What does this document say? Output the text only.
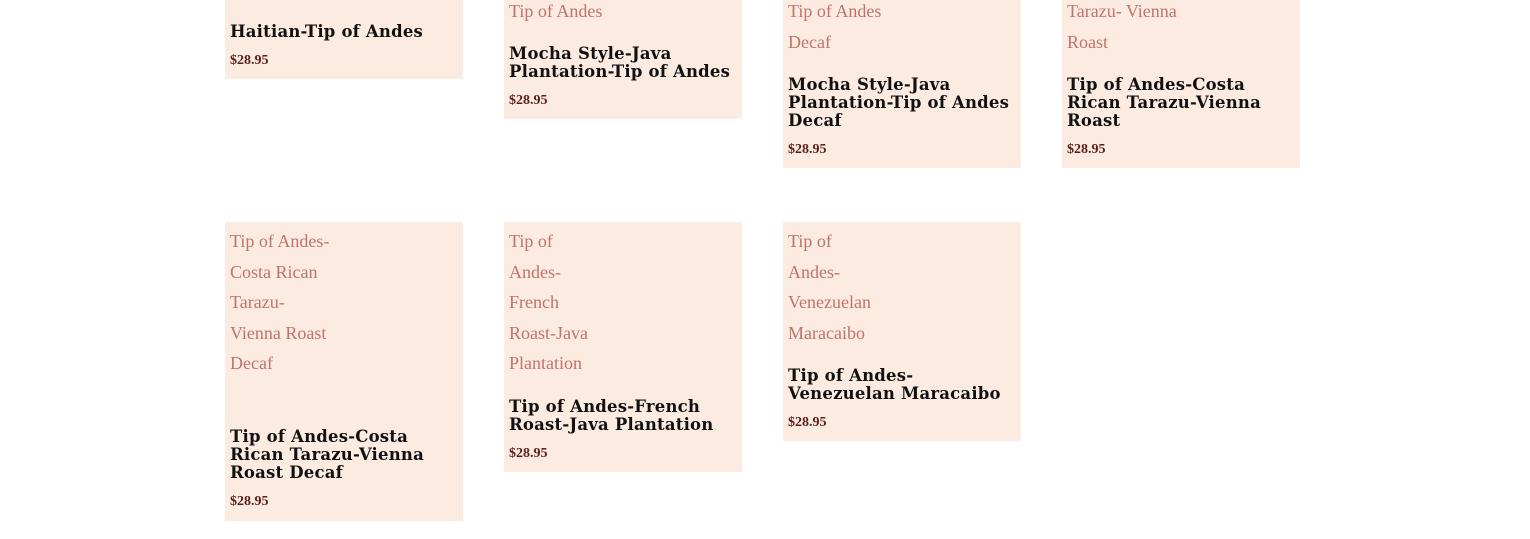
Haitian-Tip of Andes
$28.95
Tip of Andes
Mocha Style-Java Plantation-Tip of Andes
$28.95
Tip of Andes Decaf
Mocha Style-Java Plantation-Tip of Andes Decaf
$28.95
Tarazu- Vienna Roast
Tip of Andes-Costa Rican Tarazu-Vienna Roast
$28.95
Tip of Andes-Costa Rican Tarazu- Vienna Roast Decaf
Tip of Andes-Costa Rican Tarazu-Vienna Roast Decaf
$28.95
Tip of Andes- French Roast-Java Plantation
Tip of Andes-French Roast-Java Plantation
$28.95
Tip of Andes- Venezuelan Maracaibo
Tip of Andes-Venezuelan Maracaibo
$28.95
